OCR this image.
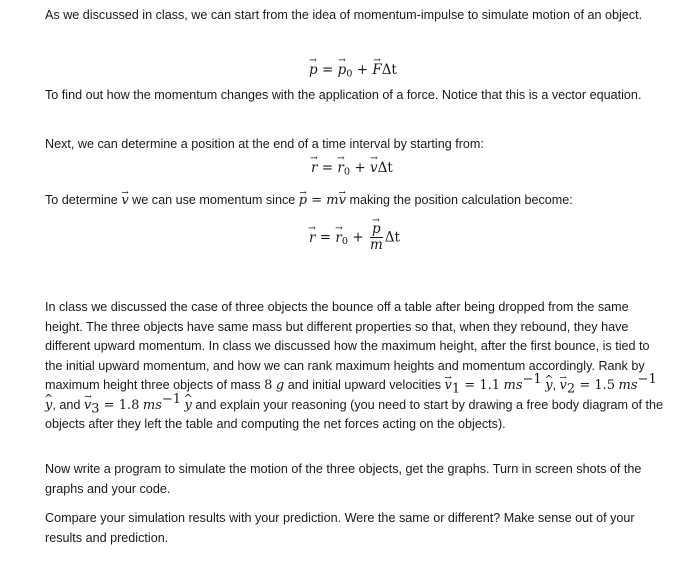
As we discussed in class, we can start from the idea of momentum-impulse to simulate motion of an object.

→ p = → $p_0$ + → FΔt

To find out how the momentum changes with the application of a force. Notice that this is a vector equation.

Next, we can determine a position at the end of a time interval by starting from:

→ r = → $r_0$ + → vΔt

To determine → v we can use momentum since → p = m→ v making the position calculation become:

→ r = → $r_0$ + → $\frac{p}{m}$ Δt

In class we discussed the case of three objects the bounce off a table after being dropped from the same height. The three objects have same mass but different properties so that, when they rebound, they have different upward momentum. In class we discussed how the maximum height, after the first bounce, is tied to the initial upward momentum, and how we can rank maximum heights and momentum accordingly. Rank by maximum height three objects of mass 8 g and initial upward velocities → $v_1 = 1.1$ $ms^{-1}$ ^ y, → $v_2 = 1.5$ $ms^{-1}$ ^ y, and → $v_3 = 1.8$ $ms^{-1}$ ^ y and explain your reasoning (you need to start by drawing a free body diagram of the objects after they left the table and computing the net forces acting on the objects).

Now write a program to simulate the motion of the three objects, get the graphs. Turn in screen shots of the graphs and your code.

Compare your simulation results with your prediction. Were the same or different? Make sense out of your results and prediction.
